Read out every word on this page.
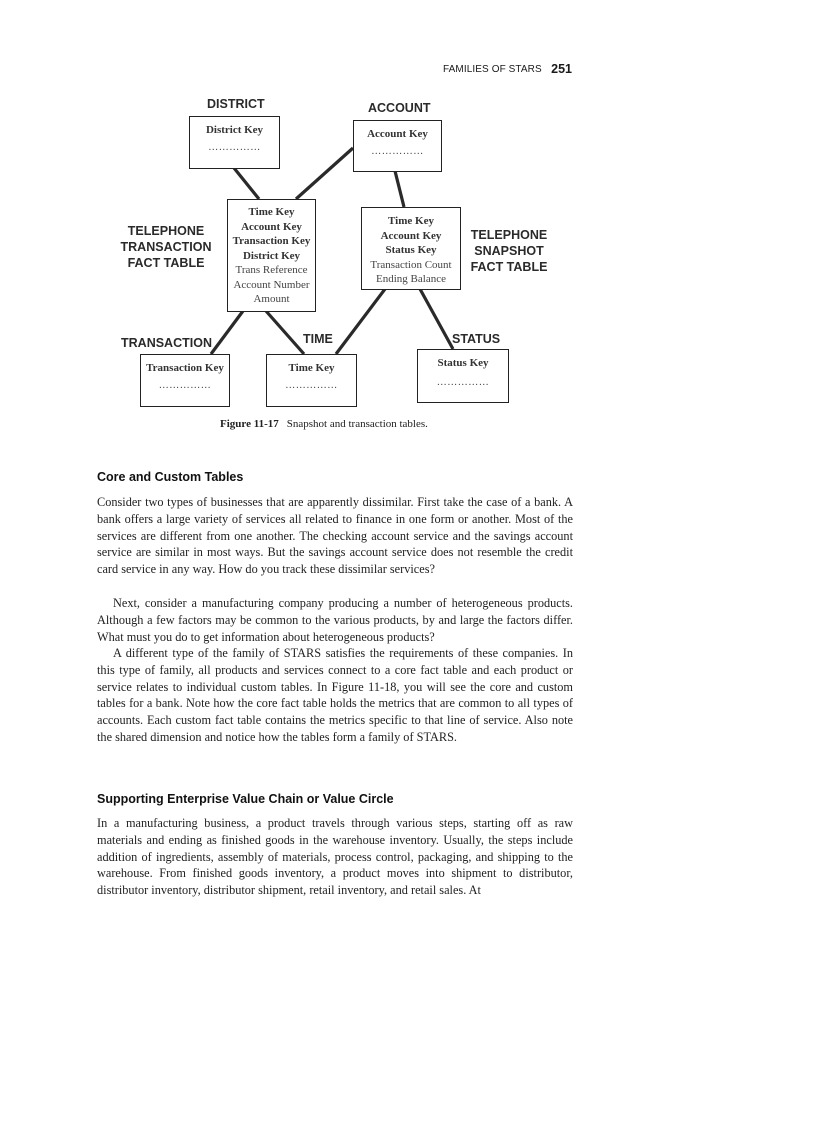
FAMILIES OF STARS 251
DISTRICT	ACCOUNT
TRANSACTION	TIME	STATUS
TELEPHONE
TRANSACTION
FACT TABLE
TELEPHONE
SNAPSHOT
FACT TABLE
District Key
……………
Account Key
……………
Time Key
Account Key
Transaction Key
District Key
Trans Reference
Account Number
Amount
Time Key
Account Key
Status Key
Transaction Count
Ending Balance
Transaction Key
……………
Time Key
……………
Status Key
……………
Figure 11-17 Snapshot and transaction tables.
Core and Custom Tables

Consider two types of businesses that are apparently dissimilar. First take the case of a bank. A bank offers a large variety of services all related to finance in one form or another. Most of the services are different from one another. The checking account service and the savings account service are similar in most ways. But the savings account service does not resemble the credit card service in any way. How do you track these dissimilar services?

Next, consider a manufacturing company producing a number of heterogeneous products. Although a few factors may be common to the various products, by and large the factors differ. What must you do to get information about heterogeneous products?

A different type of the family of STARS satisfies the requirements of these companies. In this type of family, all products and services connect to a core fact table and each product or service relates to individual custom tables. In Figure 11-18, you will see the core and custom tables for a bank. Note how the core fact table holds the metrics that are common to all types of accounts. Each custom fact table contains the metrics specific to that line of service. Also note the shared dimension and notice how the tables form a family of STARS.

Supporting Enterprise Value Chain or Value Circle

In a manufacturing business, a product travels through various steps, starting off as raw materials and ending as finished goods in the warehouse inventory. Usually, the steps include addition of ingredients, assembly of materials, process control, packaging, and shipping to the warehouse. From finished goods inventory, a product moves into shipment to distributor, distributor inventory, distributor shipment, retail inventory, and retail sales. At
